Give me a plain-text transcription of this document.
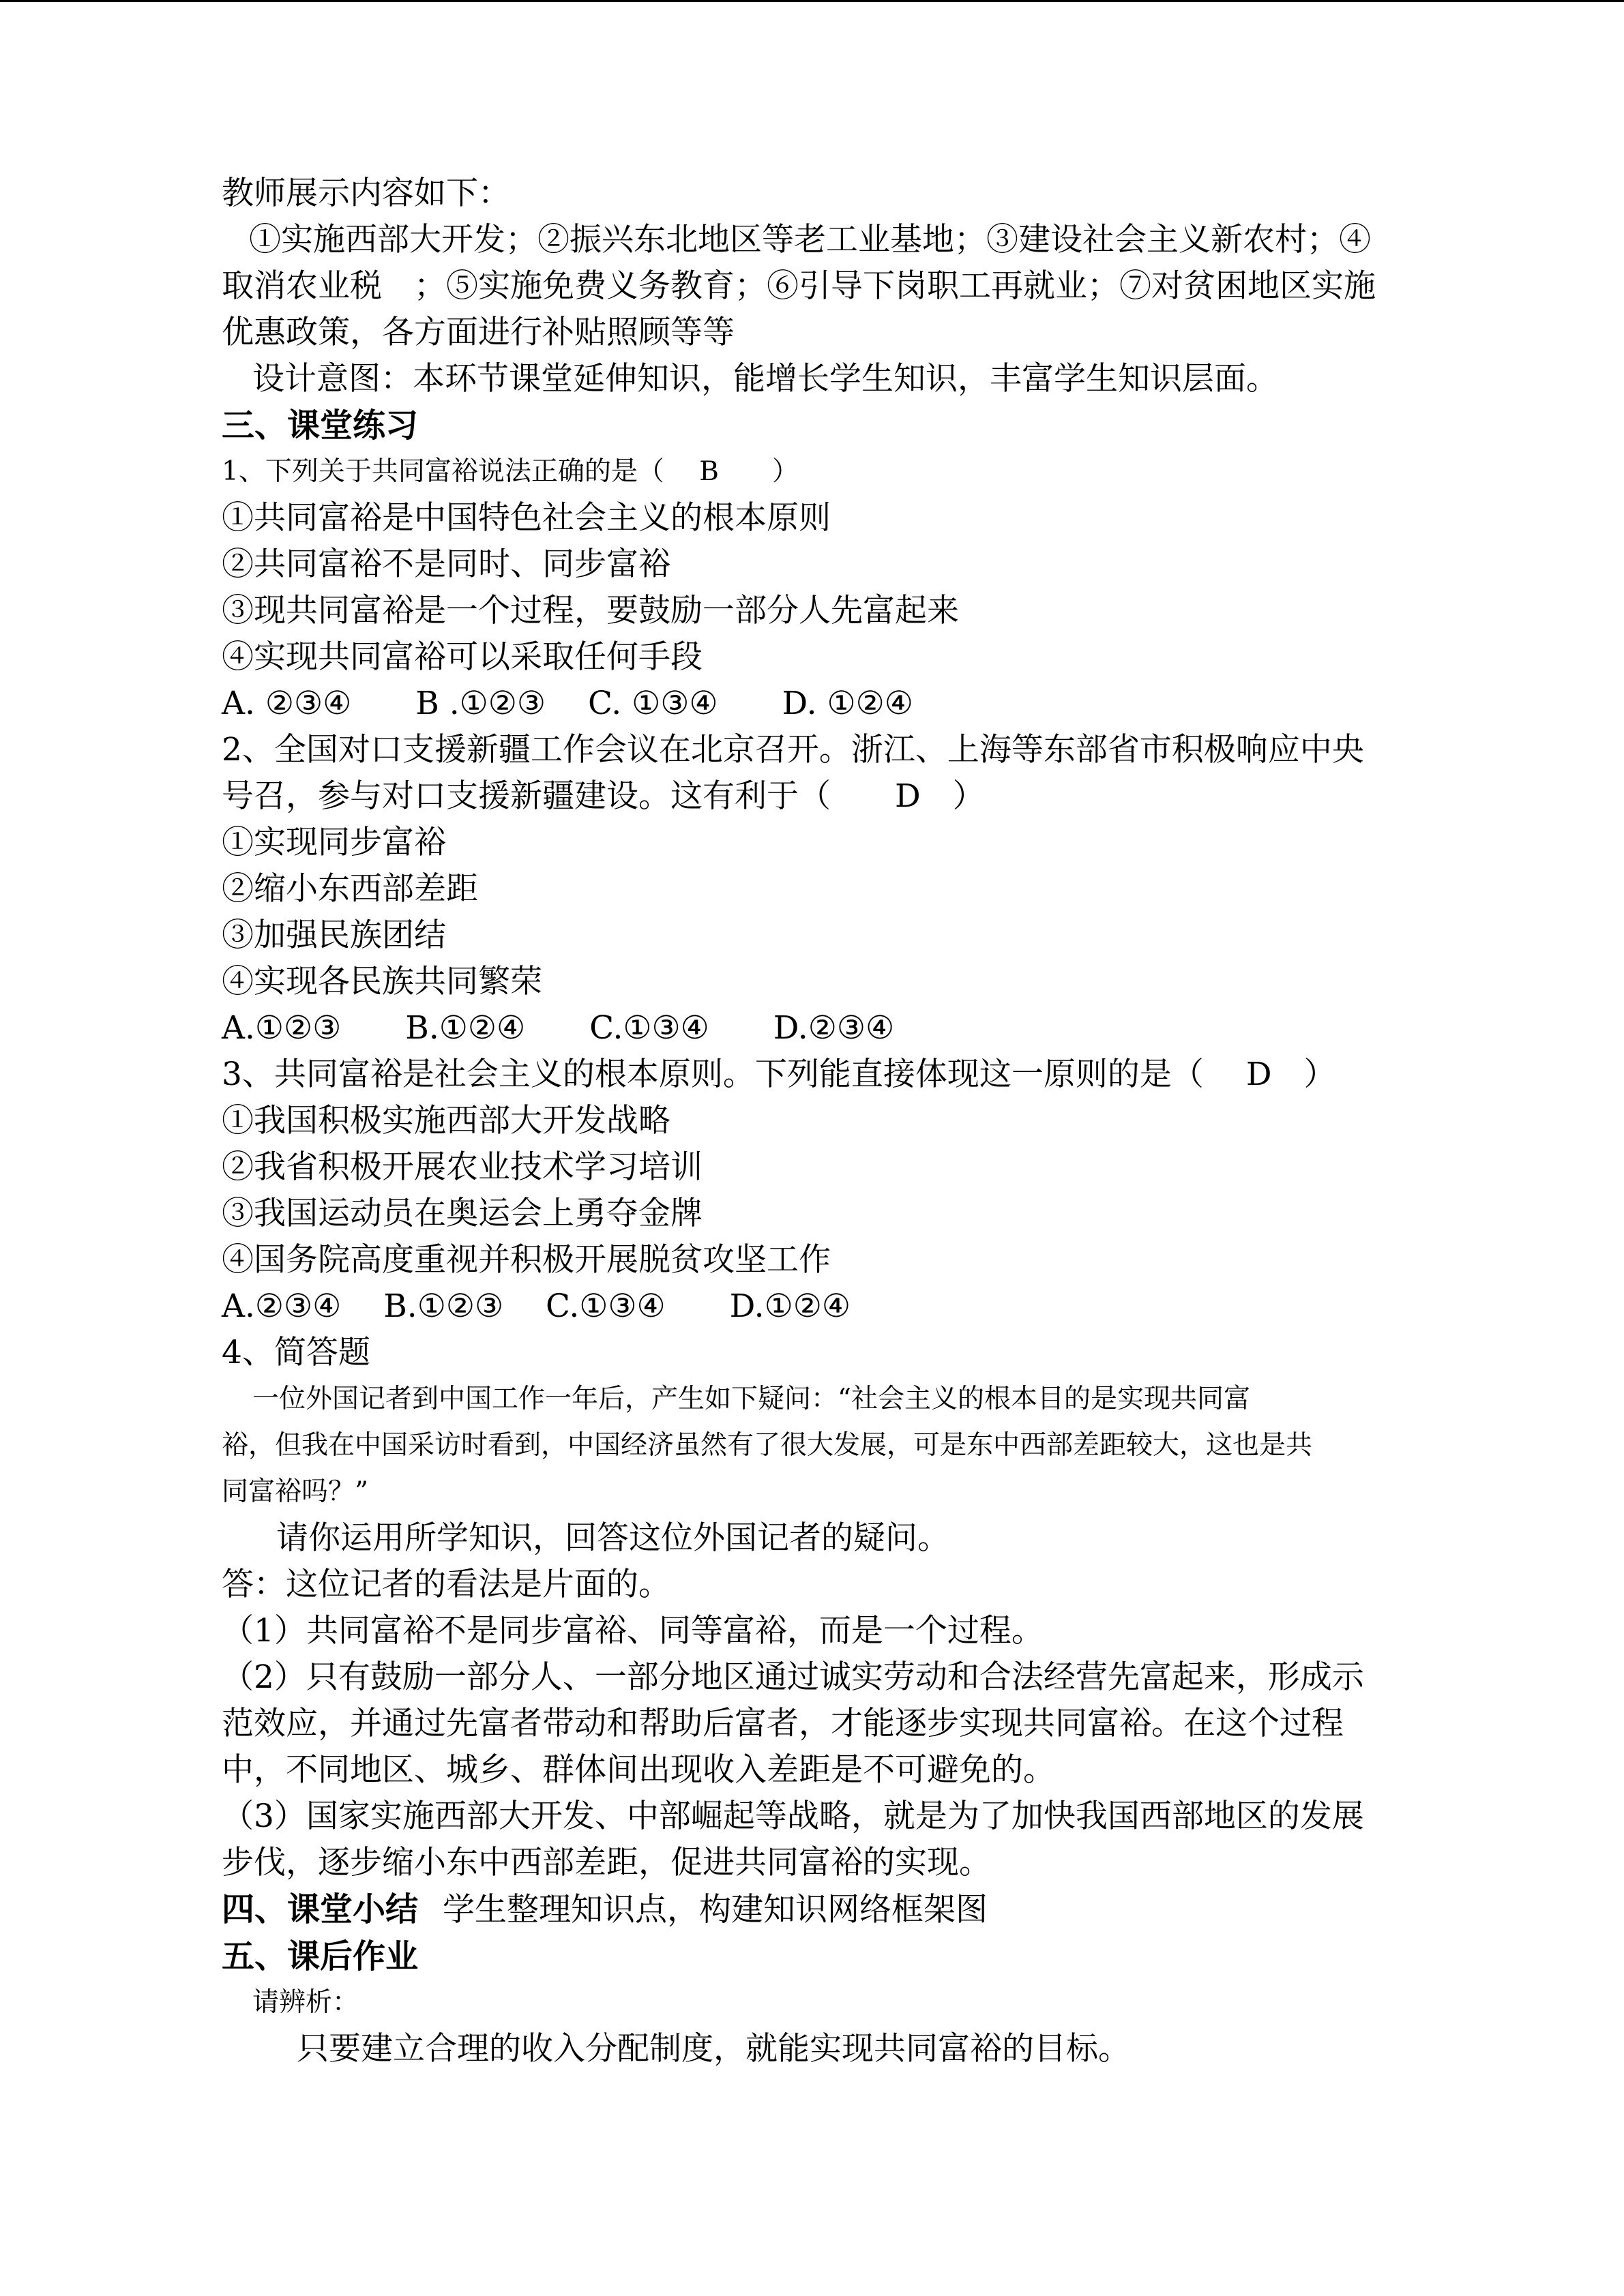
教师展示内容如下：

①实施西部大开发；②振兴东北地区等老工业基地；③建设社会主义新农村；④

取消农业税　；⑤实施免费义务教育；⑥引导下岗职工再就业；⑦对贫困地区实施

优惠政策，各方面进行补贴照顾等等

设计意图：本环节课堂延伸知识，能增长学生知识，丰富学生知识层面。

三、课堂练习

1、下列关于共同富裕说法正确的是（　 B　　）

①共同富裕是中国特色社会主义的根本原则

②共同富裕不是同时、同步富裕

③现共同富裕是一个过程，要鼓励一部分人先富起来

④实现共同富裕可以采取任何手段

A. ②③④　　B .①②③　 C. ①③④　　D. ①②④

2、全国对口支援新疆工作会议在北京召开。浙江、上海等东部省市积极响应中央

号召，参与对口支援新疆建设。这有利于（　　D　）

①实现同步富裕

②缩小东西部差距

③加强民族团结

④实现各民族共同繁荣

A.①②③　　B.①②④　　C.①③④　　D.②③④

3、共同富裕是社会主义的根本原则。下列能直接体现这一原则的是（　 D　）

①我国积极实施西部大开发战略

②我省积极开展农业技术学习培训

③我国运动员在奥运会上勇夺金牌

④国务院高度重视并积极开展脱贫攻坚工作

A.②③④　 B.①②③　 C.①③④　　D.①②④

4、简答题

一位外国记者到中国工作一年后，产生如下疑问：“社会主义的根本目的是实现共同富

裕，但我在中国采访时看到，中国经济虽然有了很大发展，可是东中西部差距较大，这也是共

同富裕吗？”

请你运用所学知识，回答这位外国记者的疑问。

答：这位记者的看法是片面的。

（1）共同富裕不是同步富裕、同等富裕，而是一个过程。

（2）只有鼓励一部分人、一部分地区通过诚实劳动和合法经营先富起来，形成示

范效应，并通过先富者带动和帮助后富者，才能逐步实现共同富裕。在这个过程

中，不同地区、城乡、群体间出现收入差距是不可避免的。

（3）国家实施西部大开发、中部崛起等战略，就是为了加快我国西部地区的发展

步伐，逐步缩小东中西部差距，促进共同富裕的实现。

四、课堂小结 学生整理知识点，构建知识网络框架图

五、课后作业

请辨析：

只要建立合理的收入分配制度，就能实现共同富裕的目标。
